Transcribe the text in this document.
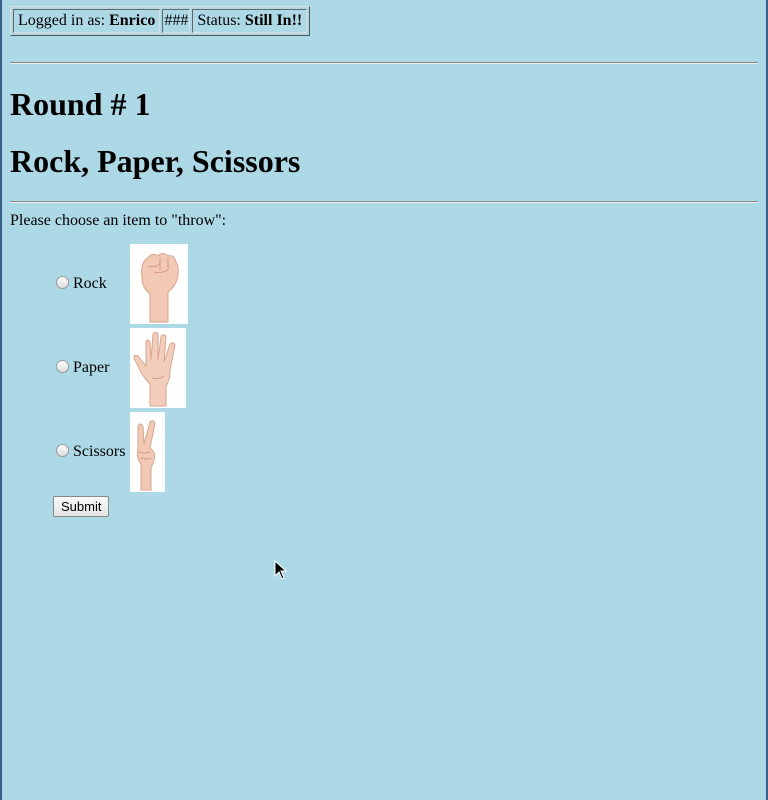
Logged in as: Enrico	###	Status: Still In!!
Round # 1
Rock, Paper, Scissors
Please choose an item to "throw":
	Rock	

	Paper	

	Scissors	
Submit
